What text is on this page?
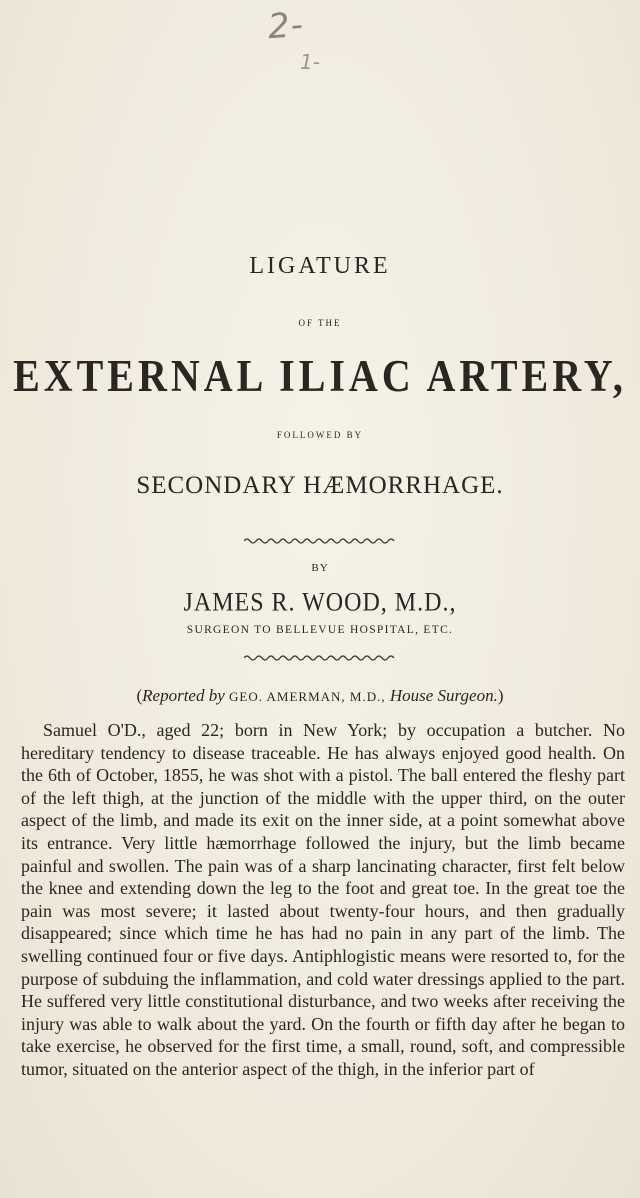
2-
1-
LIGATURE
OF THE
EXTERNAL ILIAC ARTERY,
FOLLOWED BY
SECONDARY HÆMORRHAGE.
BY
JAMES R. WOOD, M.D.,
SURGEON TO BELLEVUE HOSPITAL, ETC.
(Reported by GEO. AMERMAN, M.D., House Surgeon.)

Samuel O'D., aged 22; born in New York; by occupation a butcher. No hereditary tendency to disease traceable. He has always enjoyed good health. On the 6th of October, 1855, he was shot with a pistol. The ball entered the fleshy part of the left thigh, at the junction of the middle with the upper third, on the outer aspect of the limb, and made its exit on the inner side, at a point somewhat above its entrance. Very little hæmorrhage followed the injury, but the limb became painful and swollen. The pain was of a sharp lancinating character, first felt below the knee and extending down the leg to the foot and great toe. In the great toe the pain was most severe; it lasted about twenty-four hours, and then gradually disappeared; since which time he has had no pain in any part of the limb. The swelling continued four or five days. Antiphlogistic means were resorted to, for the purpose of subduing the inflammation, and cold water dressings applied to the part. He suffered very little constitutional disturbance, and two weeks after receiving the injury was able to walk about the yard. On the fourth or fifth day after he began to take exercise, he observed for the first time, a small, round, soft, and compressible tumor, situated on the anterior aspect of the thigh, in the inferior part of
